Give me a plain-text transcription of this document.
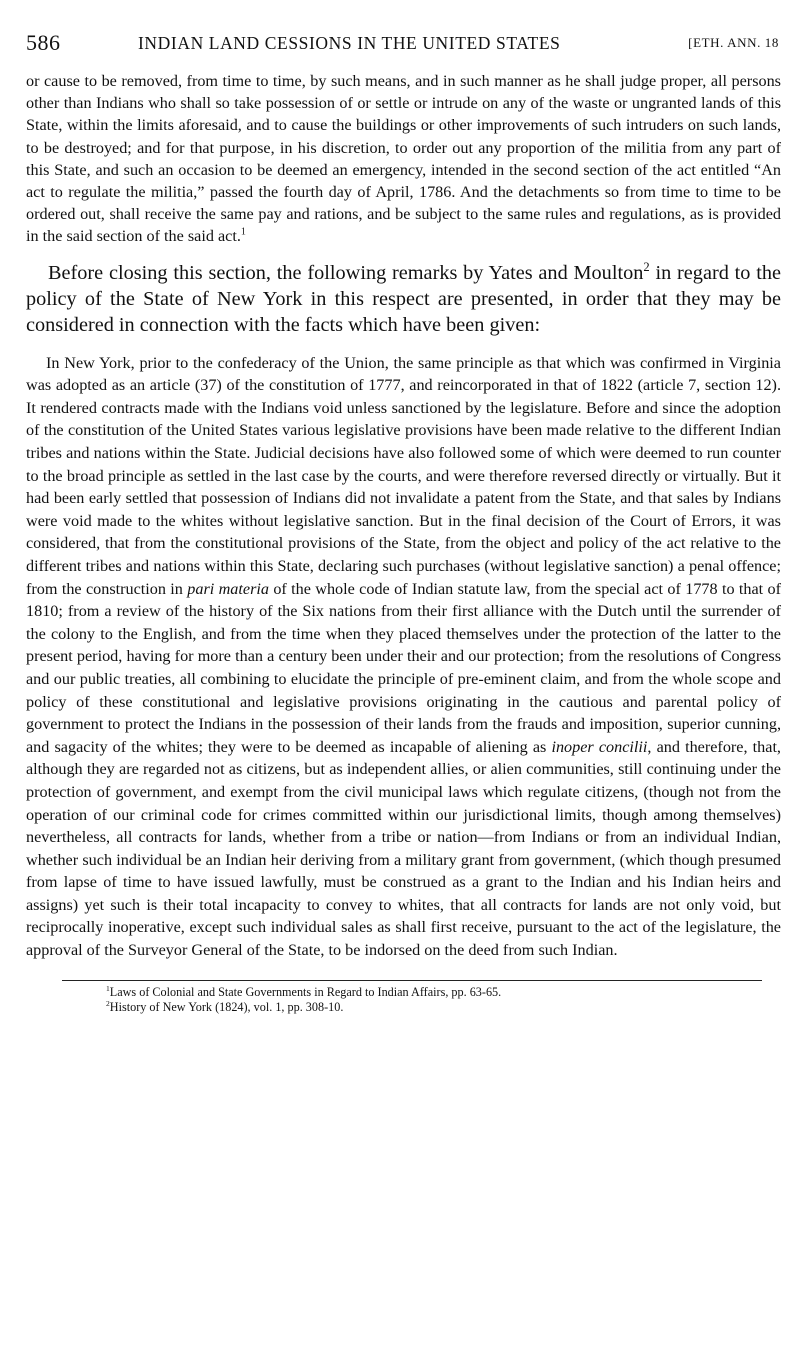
586	INDIAN LAND CESSIONS IN THE UNITED STATES	[ETH. ANN. 18

or cause to be removed, from time to time, by such means, and in such manner as he shall judge proper, all persons other than Indians who shall so take possession of or settle or intrude on any of the waste or ungranted lands of this State, within the limits aforesaid, and to cause the buildings or other improvements of such intruders on such lands, to be destroyed; and for that purpose, in his discretion, to order out any proportion of the militia from any part of this State, and such an occasion to be deemed an emergency, intended in the second section of the act entitled “An act to regulate the militia,” passed the fourth day of April, 1786. And the detachments so from time to time to be ordered out, shall receive the same pay and rations, and be subject to the same rules and regulations, as is provided in the said section of the said act.$^1$

Before closing this section, the following remarks by Yates and Moulton$^2$ in regard to the policy of the State of New York in this respect are presented, in order that they may be considered in connection with the facts which have been given:

In New York, prior to the confederacy of the Union, the same principle as that which was confirmed in Virginia was adopted as an article (37) of the constitution of 1777, and reincorporated in that of 1822 (article 7, section 12). It rendered contracts made with the Indians void unless sanctioned by the legislature. Before and since the adoption of the constitution of the United States various legislative provisions have been made relative to the different Indian tribes and nations within the State. Judicial decisions have also followed some of which were deemed to run counter to the broad principle as settled in the last case by the courts, and were therefore reversed directly or virtually. But it had been early settled that possession of Indians did not invalidate a patent from the State, and that sales by Indians were void made to the whites without legislative sanction. But in the final decision of the Court of Errors, it was considered, that from the constitutional provisions of the State, from the object and policy of the act relative to the different tribes and nations within this State, declaring such purchases (without legislative sanction) a penal offence; from the construction in pari materia of the whole code of Indian statute law, from the special act of 1778 to that of 1810; from a review of the history of the Six nations from their first alliance with the Dutch until the surrender of the colony to the English, and from the time when they placed themselves under the protection of the latter to the present period, having for more than a century been under their and our protection; from the resolutions of Congress and our public treaties, all combining to elucidate the principle of pre-eminent claim, and from the whole scope and policy of these constitutional and legislative provisions originating in the cautious and parental policy of government to protect the Indians in the possession of their lands from the frauds and imposition, superior cunning, and sagacity of the whites; they were to be deemed as incapable of aliening as inoper concilii, and therefore, that, although they are regarded not as citizens, but as independent allies, or alien communities, still continuing under the protection of government, and exempt from the civil municipal laws which regulate citizens, (though not from the operation of our criminal code for crimes committed within our jurisdictional limits, though among themselves) nevertheless, all contracts for lands, whether from a tribe or nation—from Indians or from an individual Indian, whether such individual be an Indian heir deriving from a military grant from government, (which though presumed from lapse of time to have issued lawfully, must be construed as a grant to the Indian and his Indian heirs and assigns) yet such is their total incapacity to convey to whites, that all contracts for lands are not only void, but reciprocally inoperative, except such individual sales as shall first receive, pursuant to the act of the legislature, the approval of the Surveyor General of the State, to be indorsed on the deed from such Indian.

$^1$Laws of Colonial and State Governments in Regard to Indian Affairs, pp. 63-65.

$^2$History of New York (1824), vol. 1, pp. 308-10.
